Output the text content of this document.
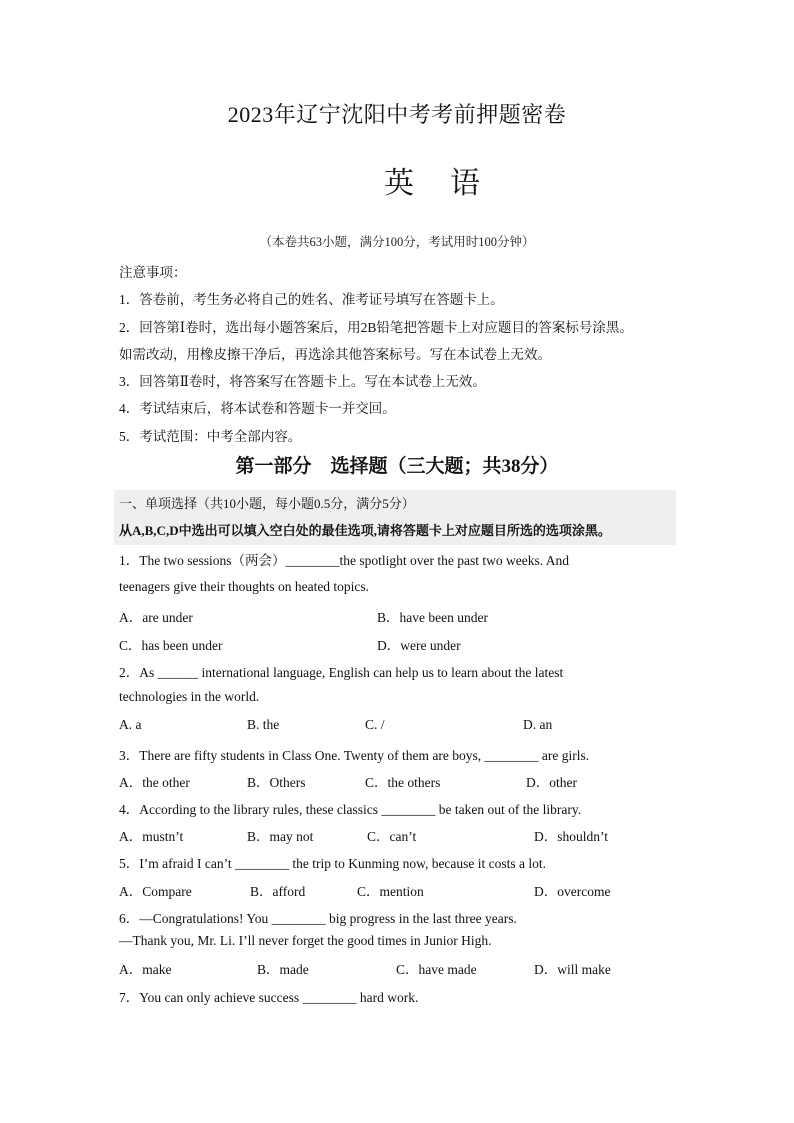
2023年辽宁沈阳中考考前押题密卷
英语
（本卷共63小题，满分100分，考试用时100分钟）
注意事项：
1．答卷前，考生务必将自己的姓名、准考证号填写在答题卡上。
2．回答第Ⅰ卷时，选出每小题答案后，用2B铅笔把答题卡上对应题目的答案标号涂黑。
如需改动，用橡皮擦干净后，再选涂其他答案标号。写在本试卷上无效。
3．回答第Ⅱ卷时，将答案写在答题卡上。写在本试卷上无效。
4．考试结束后，将本试卷和答题卡一并交回。
5．考试范围：中考全部内容。
第一部分　选择题（三大题；共38分）
一、单项选择（共10小题，每小题0.5分，满分5分）
从A,B,C,D中选出可以填入空白处的最佳选项,请将答题卡上对应题目所选的选项涂黑。
1．The two sessions（两会）________the spotlight over the past two weeks. And
teenagers give their thoughts on heated topics.
A．are under	B．have been under
C．has been under	D．were under
2．As ______ international language, English can help us to learn about the latest
technologies in the world.
A. a	B. the	C. /	D. an
3．There are fifty students in Class One. Twenty of them are boys, ________ are girls.
A．the other	B．Others	C．the others	D．other
4．According to the library rules, these classics ________ be taken out of the library.
A．mustn’t	B．may not	C．can’t	D．shouldn’t
5．I’m afraid I can’t ________ the trip to Kunming now, because it costs a lot.
A．Compare	B．afford	C．mention	D．overcome
6．—Congratulations! You ________ big progress in the last three years.
—Thank you, Mr. Li. I’ll never forget the good times in Junior High.
A．make	B．made	C．have made	D．will make
7．You can only achieve success ________ hard work.
